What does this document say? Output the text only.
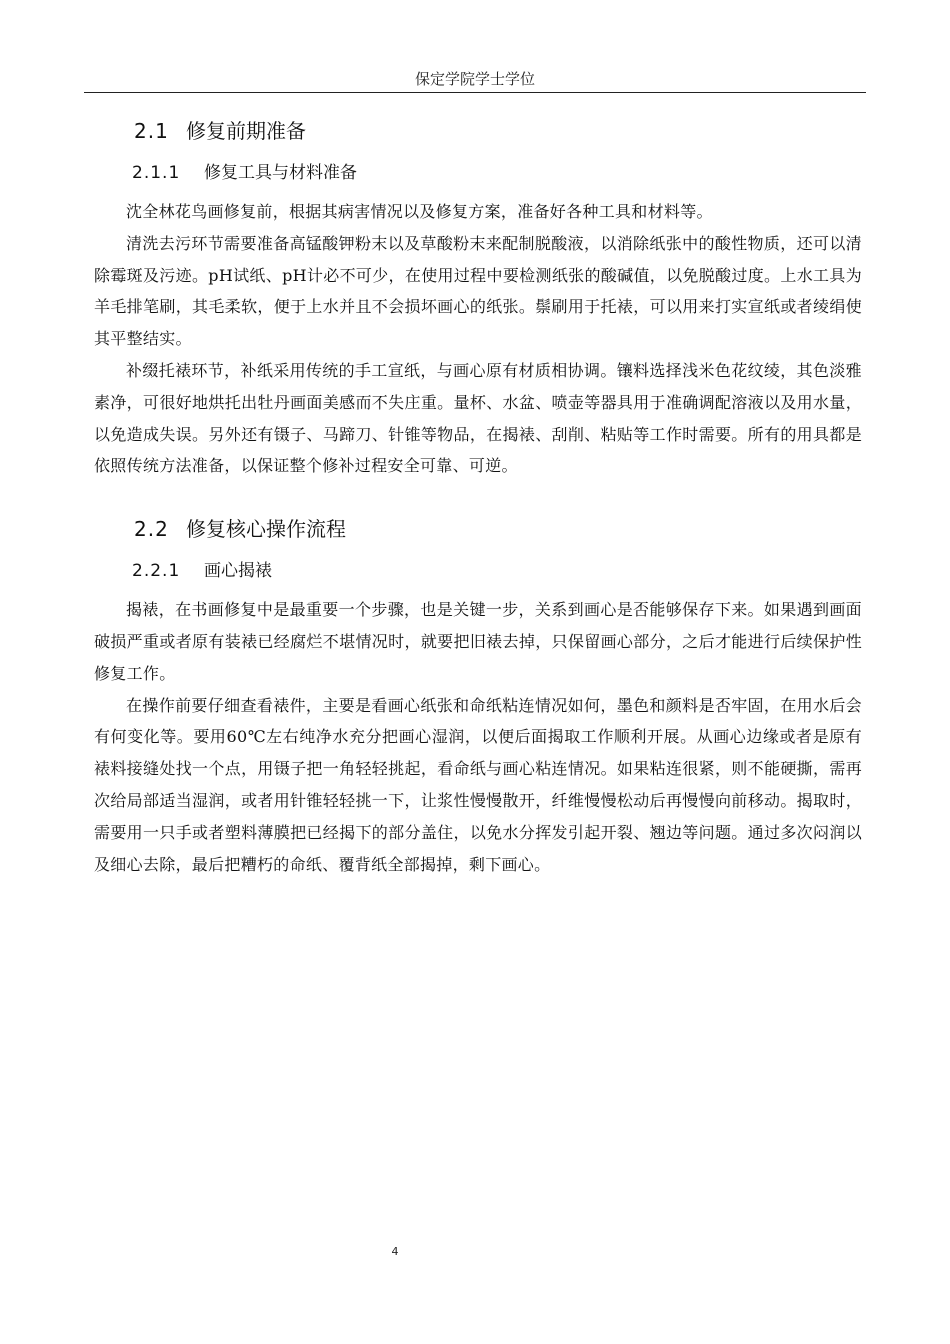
保定学院学士学位
2.1 修复前期准备
2.1.1	修复工具与材料准备

沈全林花鸟画修复前，根据其病害情况以及修复方案，准备好各种工具和材料等。

清洗去污环节需要准备高锰酸钾粉末以及草酸粉末来配制脱酸液，以消除纸张中的酸性物质，还可以清除霉斑及污迹。pH试纸、pH计必不可少，在使用过程中要检测纸张的酸碱值，以免脱酸过度。上水工具为羊毛排笔刷，其毛柔软，便于上水并且不会损坏画心的纸张。鬃刷用于托裱，可以用来打实宣纸或者绫绢使其平整结实。

补缀托裱环节，补纸采用传统的手工宣纸，与画心原有材质相协调。镶料选择浅米色花纹绫，其色淡雅素净，可很好地烘托出牡丹画面美感而不失庄重。量杯、水盆、喷壶等器具用于准确调配溶液以及用水量，以免造成失误。另外还有镊子、马蹄刀、针锥等物品，在揭裱、刮削、粘贴等工作时需要。所有的用具都是依照传统方法准备，以保证整个修补过程安全可靠、可逆。

2.2 修复核心操作流程
2.2.1	画心揭裱

揭裱，在书画修复中是最重要一个步骤，也是关键一步，关系到画心是否能够保存下来。如果遇到画面破损严重或者原有装裱已经腐烂不堪情况时，就要把旧裱去掉，只保留画心部分，之后才能进行后续保护性修复工作。

在操作前要仔细查看裱件，主要是看画心纸张和命纸粘连情况如何，墨色和颜料是否牢固，在用水后会有何变化等。要用60℃左右纯净水充分把画心湿润，以便后面揭取工作顺利开展。从画心边缘或者是原有裱料接缝处找一个点，用镊子把一角轻轻挑起，看命纸与画心粘连情况。如果粘连很紧，则不能硬撕，需再次给局部适当湿润，或者用针锥轻轻挑一下，让浆性慢慢散开，纤维慢慢松动后再慢慢向前移动。揭取时，需要用一只手或者塑料薄膜把已经揭下的部分盖住，以免水分挥发引起开裂、翘边等问题。通过多次闷润以及细心去除，最后把糟朽的命纸、覆背纸全部揭掉，剩下画心。

4
